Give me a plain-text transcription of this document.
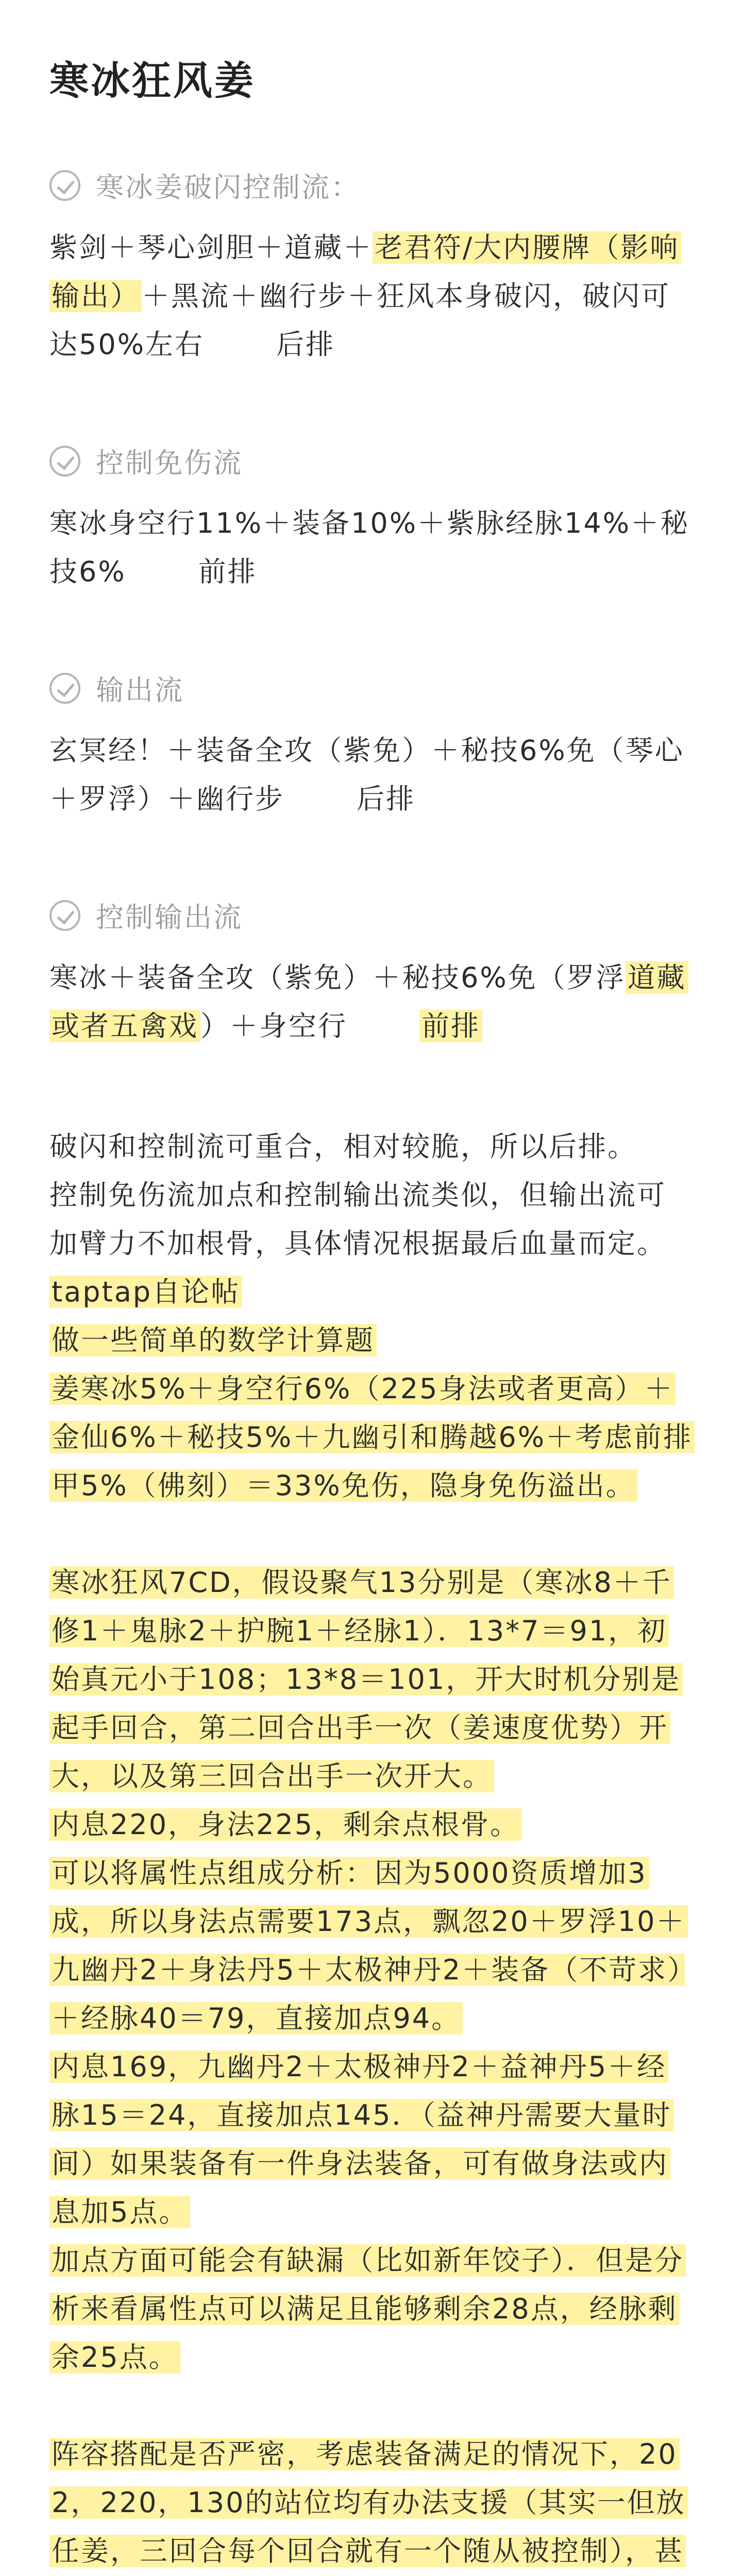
寒冰狂风姜
寒冰姜破闪控制流：
紫剑＋琴心剑胆＋道藏＋老君符/大内腰牌（影响输出）＋黑流＋幽行步＋狂风本身破闪，破闪可达50%左右	后排
控制免伤流
寒冰身空行11%＋装备10%＋紫脉经脉14%＋秘技6%	前排
输出流
玄冥经！＋装备全攻（紫免）＋秘技6%免（琴心＋罗浮）＋幽行步	后排
控制输出流
寒冰＋装备全攻（紫免）＋秘技6%免（罗浮道藏或者五禽戏）＋身空行	前排

破闪和控制流可重合，相对较脆，所以后排。

控制免伤流加点和控制输出流类似，但输出流可加臂力不加根骨，具体情况根据最后血量而定。

taptap自论帖

做一些简单的数学计算题

姜寒冰5%＋身空行6%（225身法或者更高）＋金仙6%＋秘技5%＋九幽引和腾越6%＋考虑前排甲5%（佛刻）＝33%免伤，隐身免伤溢出。

寒冰狂风7CD，假设聚气13分别是（寒冰8＋千修1＋鬼脉2＋护腕1＋经脉1）．13*7＝91，初始真元小于108；13*8＝101，开大时机分别是起手回合，第二回合出手一次（姜速度优势）开大，以及第三回合出手一次开大。

内息220，身法225，剩余点根骨。

可以将属性点组成分析：因为5000资质增加3成，所以身法点需要173点，飘忽20＋罗浮10＋九幽丹2＋身法丹5＋太极神丹2＋装备（不苛求）＋经脉40＝79，直接加点94。

内息169，九幽丹2＋太极神丹2＋益神丹5＋经脉15＝24，直接加点145．（益神丹需要大量时间）如果装备有一件身法装备，可有做身法或内息加5点。

加点方面可能会有缺漏（比如新年饺子）．但是分析来看属性点可以满足且能够剩余28点，经脉剩余25点。

阵容搭配是否严密，考虑装备满足的情况下，202，220，130的站位均有办法支援（其实一但放任姜，三回合每个回合就有一个随从被控制），甚
